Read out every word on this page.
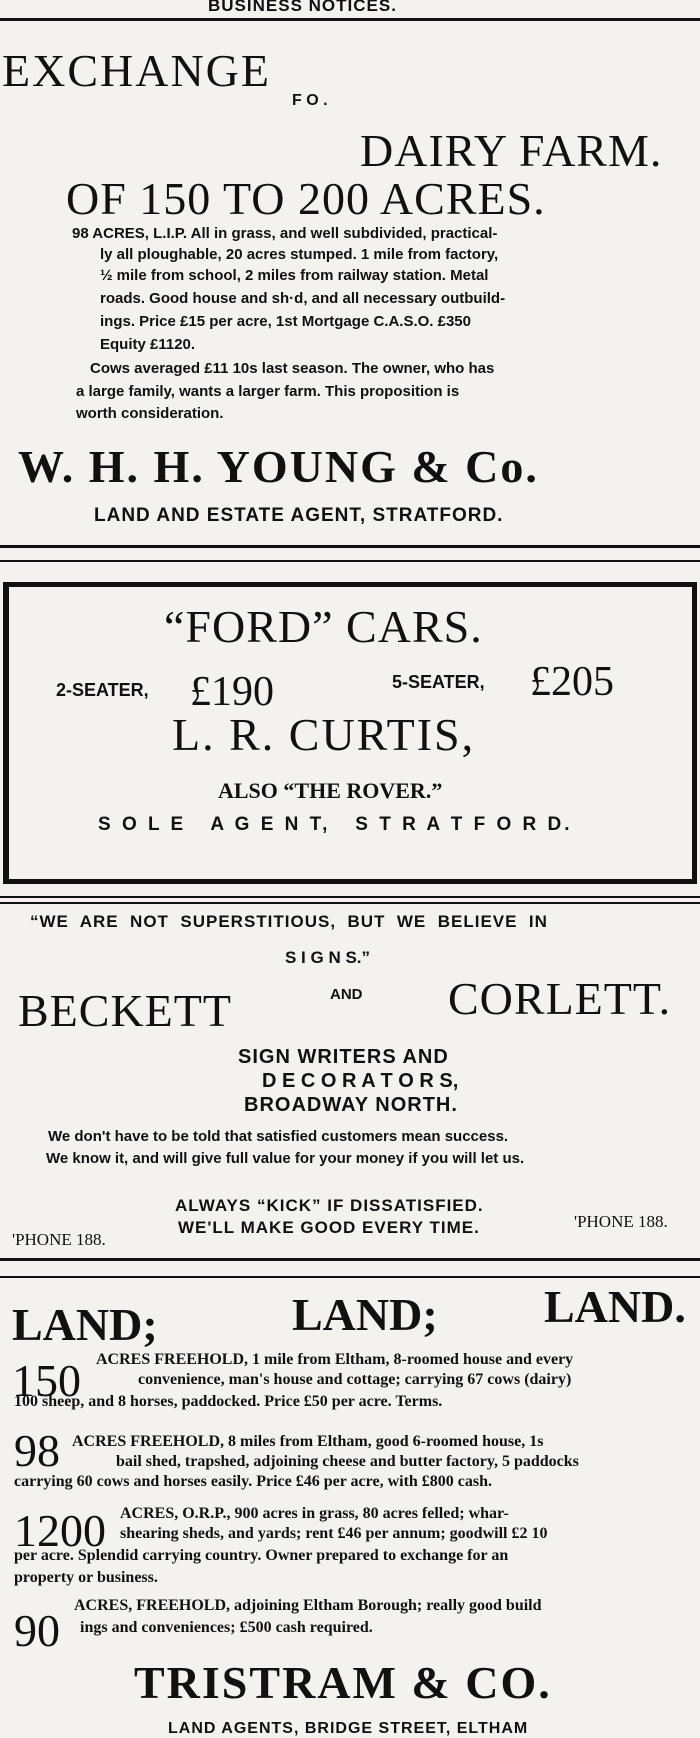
BUSINESS NOTICES.
EXCHANGE
F O .
DAIRY FARM.
OF 150 TO 200 ACRES.
98 ACRES, L.I.P. All in grass, and well subdivided, practical-
ly all ploughable, 20 acres stumped. 1 mile from factory,
½ mile from school, 2 miles from railway station. Metal
roads. Good house and sh·d, and all necessary outbuild-
ings. Price £15 per acre, 1st Mortgage C.A.S.O. £350
Equity £1120.
Cows averaged £11 10s last season. The owner, who has
a large family, wants a larger farm. This proposition is
worth consideration.
W. H. H. YOUNG & Co.
LAND AND ESTATE AGENT, STRATFORD.
“FORD” CARS.
2-SEATER, £190	5-SEATER, £205
L. R. CURTIS,
ALSO “THE ROVER.”
S O L E   A G E N T,   S T R A T F O R D.
“WE  ARE  NOT  SUPERSTITIOUS,  BUT  WE  BELIEVE  IN
S I G N S.”
BECKETT	AND CORLETT.
SIGN WRITERS AND
D E C O R A T O R S,
BROADWAY NORTH.
We don't have to be told that satisfied customers mean success.
We know it, and will give full value for your money if you will let us.
ALWAYS “KICK” IF DISSATISFIED.
'PHONE 188.
WE'LL MAKE GOOD EVERY TIME.	'PHONE 188.
LAND;	LAND; LAND.
150 ACRES FREEHOLD, 1 mile from Eltham, 8-roomed house and every
convenience, man's house and cottage; carrying 67 cows (dairy)
100 sheep, and 8 horses, paddocked. Price £50 per acre. Terms.
98 ACRES FREEHOLD, 8 miles from Eltham, good 6-roomed house, 1s
bail shed, trapshed, adjoining cheese and butter factory, 5 paddocks
carrying 60 cows and horses easily. Price £46 per acre, with £800 cash.
1200 ACRES, O.R.P., 900 acres in grass, 80 acres felled; whar-
shearing sheds, and yards; rent £46 per annum; goodwill £2 10
per acre. Splendid carrying country. Owner prepared to exchange for an
property or business.
90 ACRES, FREEHOLD, adjoining Eltham Borough; really good build
ings and conveniences; £500 cash required.
TRISTRAM & CO.
LAND AGENTS, BRIDGE STREET, ELTHAM
